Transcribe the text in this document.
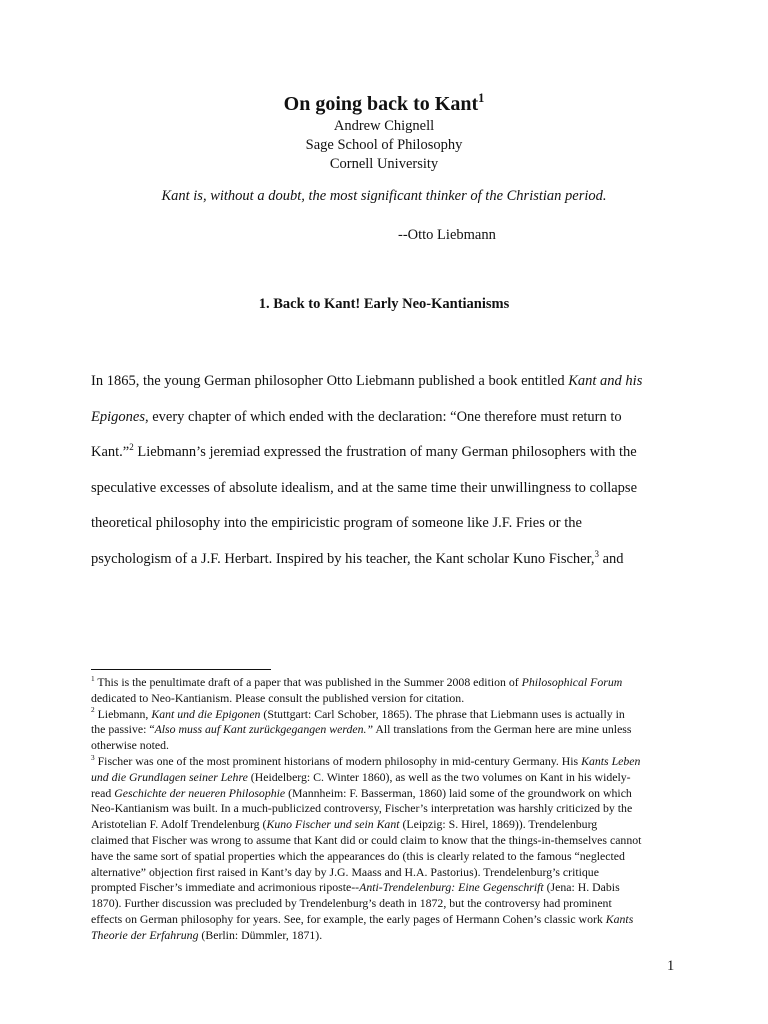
On going back to Kant$^1$
Andrew Chignell
Sage School of Philosophy
Cornell University
Kant is, without a doubt, the most significant thinker of the Christian period.
--Otto Liebmann
1. Back to Kant! Early Neo-Kantianisms
In 1865, the young German philosopher Otto Liebmann published a book entitled Kant and his
Epigones, every chapter of which ended with the declaration: “One therefore must return to
Kant.”$^2$ Liebmann’s jeremiad expressed the frustration of many German philosophers with the
speculative excesses of absolute idealism, and at the same time their unwillingness to collapse
theoretical philosophy into the empiricistic program of someone like J.F. Fries or the
psychologism of a J.F. Herbart. Inspired by his teacher, the Kant scholar Kuno Fischer,$^3$ and
$^1$ This is the penultimate draft of a paper that was published in the Summer 2008 edition of Philosophical Forum
dedicated to Neo-Kantianism. Please consult the published version for citation.
$^2$ Liebmann, Kant und die Epigonen (Stuttgart: Carl Schober, 1865). The phrase that Liebmann uses is actually in
the passive: “Also muss auf Kant zurückgegangen werden.” All translations from the German here are mine unless
otherwise noted.
$^3$ Fischer was one of the most prominent historians of modern philosophy in mid-century Germany. His Kants Leben
und die Grundlagen seiner Lehre (Heidelberg: C. Winter 1860), as well as the two volumes on Kant in his widely-
read Geschichte der neueren Philosophie (Mannheim: F. Basserman, 1860) laid some of the groundwork on which
Neo-Kantianism was built. In a much-publicized controversy, Fischer’s interpretation was harshly criticized by the
Aristotelian F. Adolf Trendelenburg (Kuno Fischer und sein Kant (Leipzig: S. Hirel, 1869)). Trendelenburg
claimed that Fischer was wrong to assume that Kant did or could claim to know that the things-in-themselves cannot
have the same sort of spatial properties which the appearances do (this is clearly related to the famous “neglected
alternative” objection first raised in Kant’s day by J.G. Maass and H.A. Pastorius). Trendelenburg’s critique
prompted Fischer’s immediate and acrimonious riposte--Anti-Trendelenburg: Eine Gegenschrift (Jena: H. Dabis
1870). Further discussion was precluded by Trendelenburg’s death in 1872, but the controversy had prominent
effects on German philosophy for years. See, for example, the early pages of Hermann Cohen’s classic work Kants
Theorie der Erfahrung (Berlin: Dümmler, 1871).
1
